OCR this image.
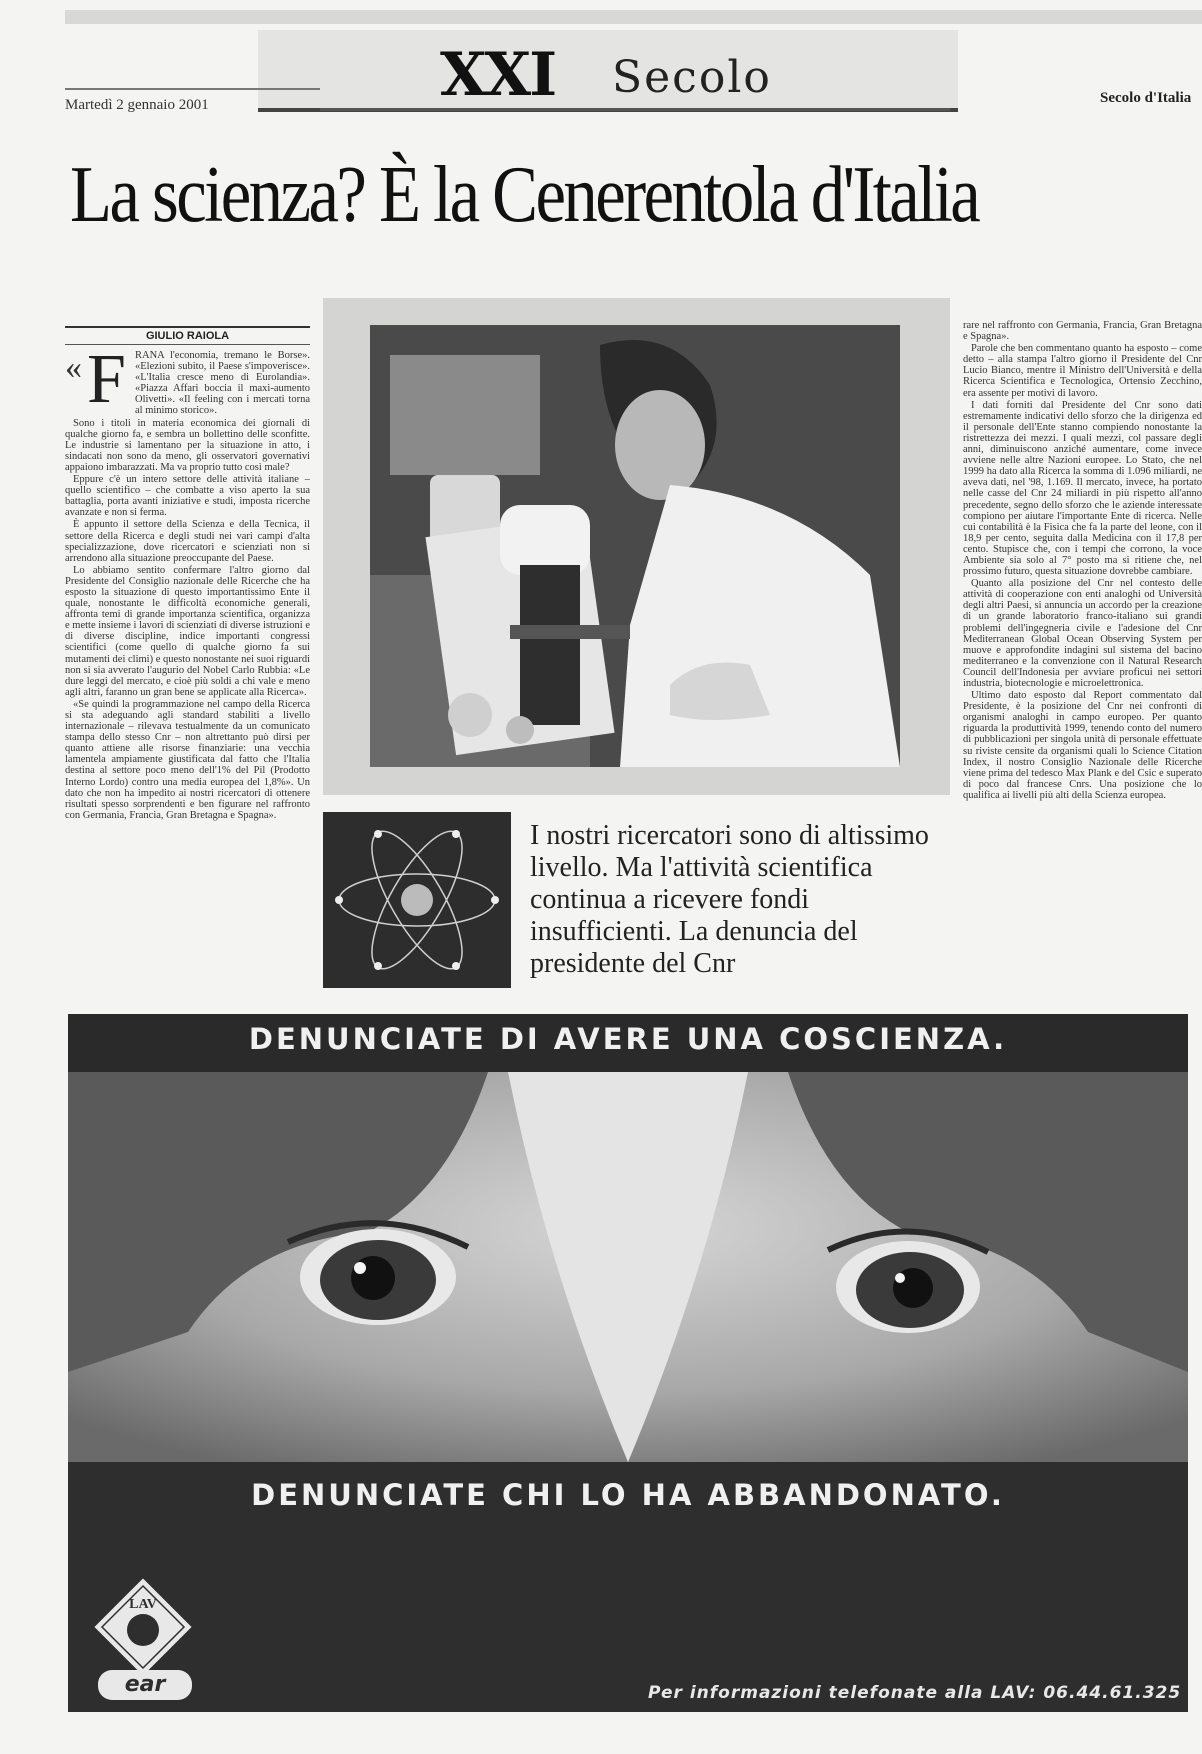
XXI Secolo
Martedì 2 gennaio 2001	Secolo d'Italia
La scienza? È la Cenerentola d'Italia
GIULIO RAIOLA
« F RANA l'economia, tremano le Borse». «Elezioni subito, il Paese s'impoverisce». «L'Italia cresce meno di Eurolandia». «Piazza Affari boccia il maxi-aumento Olivetti». «Il feeling con i mercati torna al minimo storico».

Sono i titoli in materia economica dei giornali di qualche giorno fa, e sembra un bollettino delle sconfitte. Le industrie si lamentano per la situazione in atto, i sindacati non sono da meno, gli osservatori governativi appaiono imbarazzati. Ma va proprio tutto così male?

Eppure c'è un intero settore delle attività italiane – quello scientifico – che combatte a viso aperto la sua battaglia, porta avanti iniziative e studi, imposta ricerche avanzate e non si ferma.

È appunto il settore della Scienza e della Tecnica, il settore della Ricerca e degli studi nei vari campi d'alta specializzazione, dove ricercatori e scienziati non si arrendono alla situazione preoccupante del Paese.

Lo abbiamo sentito confermare l'altro giorno dal Presidente del Consiglio nazionale delle Ricerche che ha esposto la situazione di questo importantissimo Ente il quale, nonostante le difficoltà economiche generali, affronta temi di grande importanza scientifica, organizza e mette insieme i lavori di scienziati di diverse istruzioni e di diverse discipline, indice importanti congressi scientifici (come quello di qualche giorno fa sui mutamenti dei climi) e questo nonostante nei suoi riguardi non si sia avverato l'augurio del Nobel Carlo Rubbia: «Le dure leggi del mercato, e cioè più soldi a chi vale e meno agli altri, faranno un gran bene se applicate alla Ricerca».

«Se quindi la programmazione nel campo della Ricerca si sta adeguando agli standard stabiliti a livello internazionale – rilevava testualmente da un comunicato stampa dello stesso Cnr – non altrettanto può dirsi per quanto attiene alle risorse finanziarie: una vecchia lamentela ampiamente giustificata dal fatto che l'Italia destina al settore poco meno dell'1% del Pil (Prodotto Interno Lordo) contro una media europea del 1,8%». Un dato che non ha impedito ai nostri ricercatori di ottenere risultati spesso sorprendenti e ben figurare nel raffronto con Germania, Francia, Gran Bretagna e Spagna».

I nostri ricercatori sono di altissimo livello. Ma l'attività scientifica continua a ricevere fondi insufficienti. La denuncia del presidente del Cnr

rare nel raffronto con Germania, Francia, Gran Bretagna e Spagna».

Parole che ben commentano quanto ha esposto – come detto – alla stampa l'altro giorno il Presidente del Cnr Lucio Bianco, mentre il Ministro dell'Università e della Ricerca Scientifica e Tecnologica, Ortensio Zecchino, era assente per motivi di lavoro.

I dati forniti dal Presidente del Cnr sono dati estremamente indicativi dello sforzo che la dirigenza ed il personale dell'Ente stanno compiendo nonostante la ristrettezza dei mezzi. I quali mezzi, col passare degli anni, diminuiscono anziché aumentare, come invece avviene nelle altre Nazioni europee. Lo Stato, che nel 1999 ha dato alla Ricerca la somma di 1.096 miliardi, ne aveva dati, nel '98, 1.169. Il mercato, invece, ha portato nelle casse del Cnr 24 miliardi in più rispetto all'anno precedente, segno dello sforzo che le aziende interessate compiono per aiutare l'importante Ente di ricerca. Nelle cui contabilità è la Fisica che fa la parte del leone, con il 18,9 per cento, seguita dalla Medicina con il 17,8 per cento. Stupisce che, con i tempi che corrono, la voce Ambiente sia solo al 7° posto ma si ritiene che, nel prossimo futuro, questa situazione dovrebbe cambiare.

Quanto alla posizione del Cnr nel contesto delle attività di cooperazione con enti analoghi od Università degli altri Paesi, si annuncia un accordo per la creazione di un grande laboratorio franco-italiano sui grandi problemi dell'ingegneria civile e l'adesione del Cnr Mediterranean Global Ocean Observing System per muove e approfondite indagini sul sistema del bacino mediterraneo e la convenzione con il Natural Research Council dell'Indonesia per avviare proficui nei settori industria, biotecnologie e microelettronica.

Ultimo dato esposto dal Report commentato dal Presidente, è la posizione del Cnr nei confronti di organismi analoghi in campo europeo. Per quanto riguarda la produttività 1999, tenendo conto del numero di pubblicazioni per singola unità di personale effettuate su riviste censite da organismi quali lo Science Citation Index, il nostro Consiglio Nazionale delle Ricerche viene prima del tedesco Max Plank e del Csic e superato di poco dal francese Cnrs. Una posizione che lo qualifica ai livelli più alti della Scienza europea.

DENUNCIATE DI AVERE UNA COSCIENZA.
DENUNCIATE CHI LO HA ABBANDONATO.
LAV
ear	Per informazioni telefonate alla LAV: 06.44.61.325
